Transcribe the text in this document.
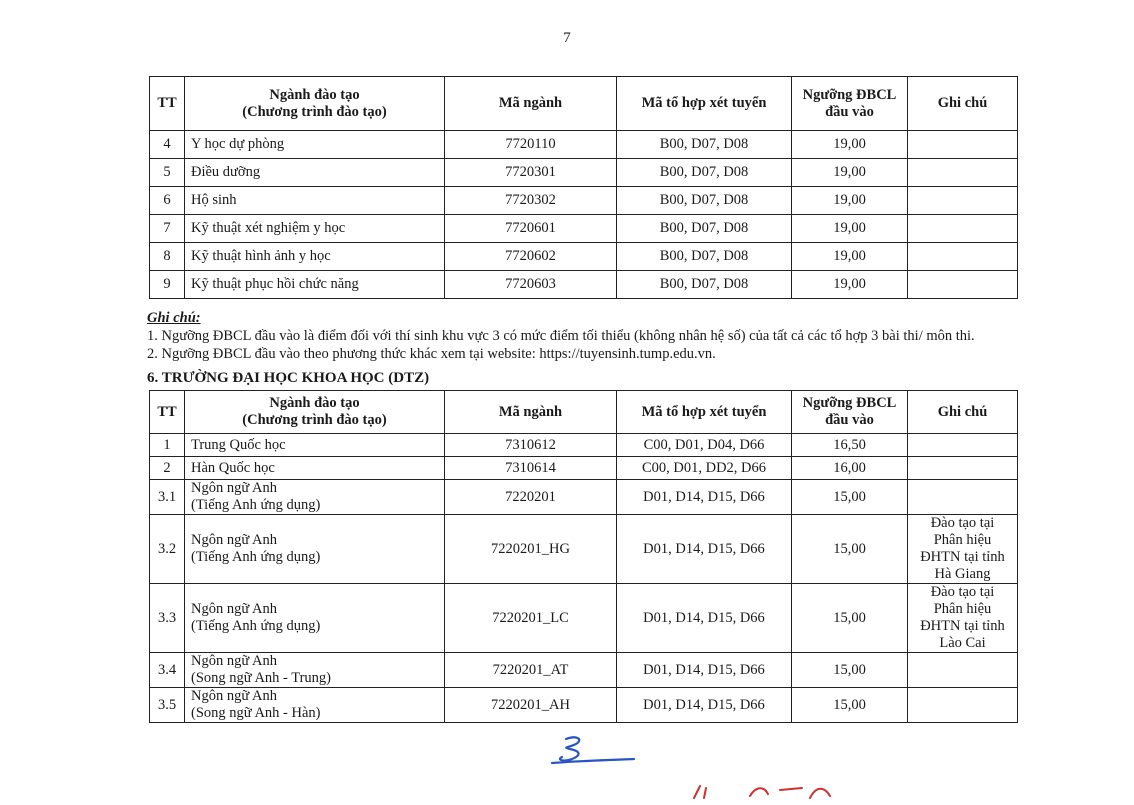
7
TT	Ngành đào tạo
(Chương trình đào tạo)	Mã ngành	Mã tổ hợp xét tuyển	Ngưỡng ĐBCL
đầu vào	Ghi chú
4	Y học dự phòng	7720110	B00, D07, D08	19,00	
5	Điều dưỡng	7720301	B00, D07, D08	19,00	
6	Hộ sinh	7720302	B00, D07, D08	19,00	
7	Kỹ thuật xét nghiệm y học	7720601	B00, D07, D08	19,00	
8	Kỹ thuật hình ảnh y học	7720602	B00, D07, D08	19,00	
9	Kỹ thuật phục hồi chức năng	7720603	B00, D07, D08	19,00	
Ghi chú:
1. Ngưỡng ĐBCL đầu vào là điểm đối với thí sinh khu vực 3 có mức điểm tối thiểu (không nhân hệ số) của tất cả các tổ hợp 3 bài thi/ môn thi.
2. Ngưỡng ĐBCL đầu vào theo phương thức khác xem tại website: https://tuyensinh.tump.edu.vn.
6. TRƯỜNG ĐẠI HỌC KHOA HỌC (DTZ)
TT	Ngành đào tạo
(Chương trình đào tạo)	Mã ngành	Mã tổ hợp xét tuyển	Ngưỡng ĐBCL
đầu vào	Ghi chú
1	Trung Quốc học	7310612	C00, D01, D04, D66	16,50	
2	Hàn Quốc học	7310614	C00, D01, DD2, D66	16,00	
3.1	Ngôn ngữ Anh
(Tiếng Anh ứng dụng)	7220201	D01, D14, D15, D66	15,00	
3.2	Ngôn ngữ Anh
(Tiếng Anh ứng dụng)	7220201_HG	D01, D14, D15, D66	15,00	Đào tạo tại
Phân hiệu
ĐHTN tại tỉnh
Hà Giang
3.3	Ngôn ngữ Anh
(Tiếng Anh ứng dụng)	7220201_LC	D01, D14, D15, D66	15,00	Đào tạo tại
Phân hiệu
ĐHTN tại tỉnh
Lào Cai
3.4	Ngôn ngữ Anh
(Song ngữ Anh - Trung)	7220201_AT	D01, D14, D15, D66	15,00	
3.5	Ngôn ngữ Anh
(Song ngữ Anh - Hàn)	7220201_AH	D01, D14, D15, D66	15,00	
